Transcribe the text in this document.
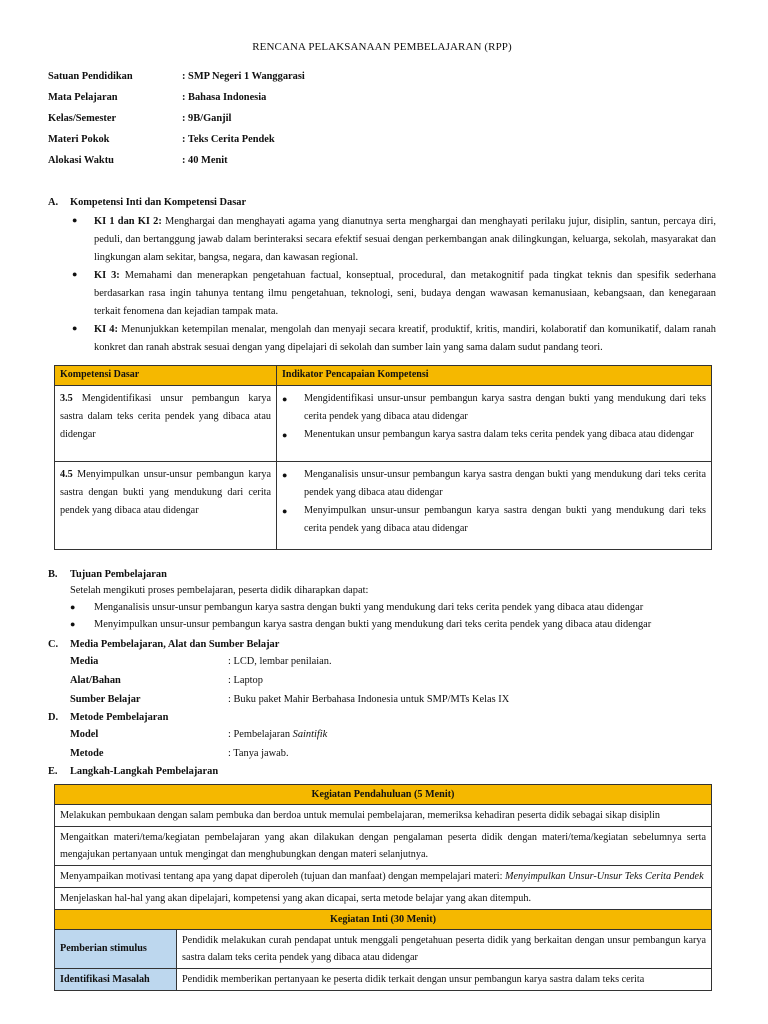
RENCANA PELAKSANAAN PEMBELAJARAN (RPP)
Satuan Pendidikan	: SMP Negeri 1 Wanggarasi
Mata Pelajaran	: Bahasa Indonesia
Kelas/Semester	: 9B/Ganjil
Materi Pokok	: Teks Cerita Pendek
Alokasi Waktu	: 40 Menit
A.	Kompetensi Inti dan Kompetensi Dasar
●	KI 1 dan KI 2: Menghargai dan menghayati agama yang dianutnya serta menghargai dan menghayati perilaku jujur, disiplin, santun, percaya diri, peduli, dan bertanggung jawab dalam berinteraksi secara efektif sesuai dengan perkembangan anak dilingkungan, keluarga, sekolah, masyarakat dan lingkungan alam sekitar, bangsa, negara, dan kawasan regional.
●	KI 3: Memahami dan menerapkan pengetahuan factual, konseptual, procedural, dan metakognitif pada tingkat teknis dan spesifik sederhana berdasarkan rasa ingin tahunya tentang ilmu pengetahuan, teknologi, seni, budaya dengan wawasan kemanusiaan, kebangsaan, dan kenegaraan terkait fenomena dan kejadian tampak mata.
●	KI 4: Menunjukkan ketempilan menalar, mengolah dan menyaji secara kreatif, produktif, kritis, mandiri, kolaboratif dan komunikatif, dalam ranah konkret dan ranah abstrak sesuai dengan yang dipelajari di sekolah dan sumber lain yang sama dalam sudut pandang teori.
Kompetensi Dasar	Indikator Pencapaian Kompetensi
3.5 Mengidentifikasi unsur pembangun karya sastra dalam teks cerita pendek yang dibaca atau didengar	● Mengidentifikasi unsur-unsur pembangun karya sastra dengan bukti yang mendukung dari teks cerita pendek yang dibaca atau didengar
● Menentukan unsur pembangun karya sastra dalam teks cerita pendek yang dibaca atau didengar

4.5 Menyimpulkan unsur-unsur pembangun karya sastra dengan bukti yang mendukung dari cerita pendek yang dibaca atau didengar	● Menganalisis unsur-unsur pembangun karya sastra dengan bukti yang mendukung dari teks cerita pendek yang dibaca atau didengar
● Menyimpulkan unsur-unsur pembangun karya sastra dengan bukti yang mendukung dari teks cerita pendek yang dibaca atau didengar
B.	Tujuan Pembelajaran
Setelah mengikuti proses pembelajaran, peserta didik diharapkan dapat:
●	Menganalisis unsur-unsur pembangun karya sastra dengan bukti yang mendukung dari teks cerita pendek yang dibaca atau didengar
●	Menyimpulkan unsur-unsur pembangun karya sastra dengan bukti yang mendukung dari teks cerita pendek yang dibaca atau didengar
C.	Media Pembelajaran, Alat dan Sumber Belajar
Media	: LCD, lembar penilaian.
Alat/Bahan	: Laptop
Sumber Belajar	: Buku paket Mahir Berbahasa Indonesia untuk SMP/MTs Kelas IX
D.	Metode Pembelajaran
Model	: Pembelajaran Saintifik
Metode	: Tanya jawab.
E.	Langkah-Langkah Pembelajaran
Kegiatan Pendahuluan (5 Menit)	
Melakukan pembukaan dengan salam pembuka dan berdoa untuk memulai pembelajaran, memeriksa kehadiran peserta didik sebagai sikap disiplin	
Mengaitkan materi/tema/kegiatan pembelajaran yang akan dilakukan dengan pengalaman peserta didik dengan materi/tema/kegiatan sebelumnya serta mengajukan pertanyaan untuk mengingat dan menghubungkan dengan materi selanjutnya.	
Menyampaikan motivasi tentang apa yang dapat diperoleh (tujuan dan manfaat) dengan mempelajari materi: Menyimpulkan Unsur-Unsur Teks Cerita Pendek	
Menjelaskan hal-hal yang akan dipelajari, kompetensi yang akan dicapai, serta metode belajar yang akan ditempuh.	
Kegiatan Inti (30 Menit)	
Pemberian stimulus	Pendidik melakukan curah pendapat untuk menggali pengetahuan peserta didik yang berkaitan dengan unsur pembangun karya sastra dalam teks cerita pendek yang dibaca atau didengar
Identifikasi Masalah	Pendidik memberikan pertanyaan ke peserta didik terkait dengan unsur pembangun karya sastra dalam teks cerita
